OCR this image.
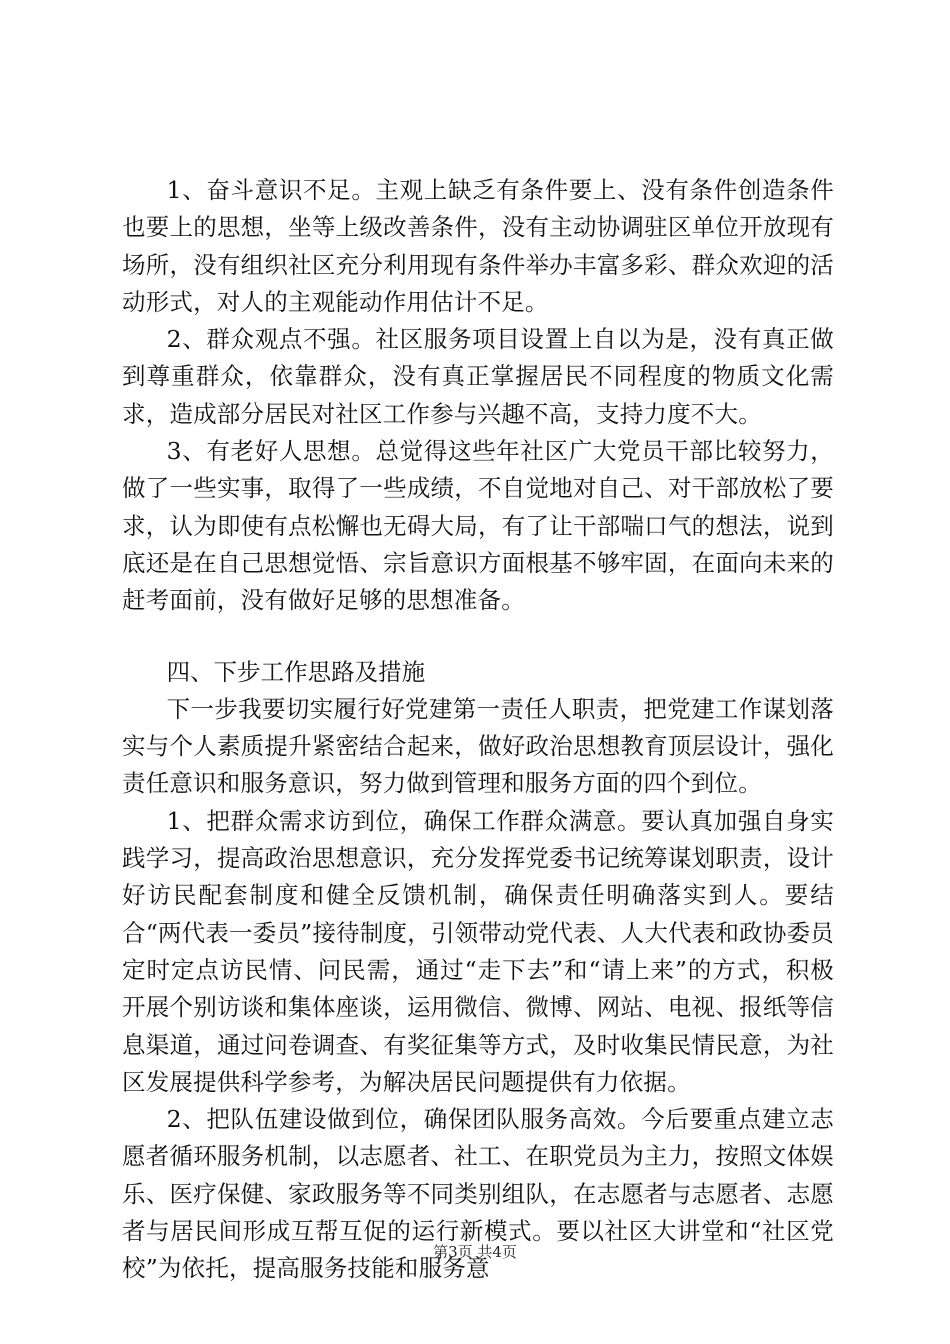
1、奋斗意识不足。主观上缺乏有条件要上、没有条件创造条件也要上的思想，坐等上级改善条件，没有主动协调驻区单位开放现有场所，没有组织社区充分利用现有条件举办丰富多彩、群众欢迎的活动形式，对人的主观能动作用估计不足。

2、群众观点不强。社区服务项目设置上自以为是，没有真正做到尊重群众，依靠群众，没有真正掌握居民不同程度的物质文化需求，造成部分居民对社区工作参与兴趣不高，支持力度不大。

3、有老好人思想。总觉得这些年社区广大党员干部比较努力，做了一些实事，取得了一些成绩，不自觉地对自己、对干部放松了要求，认为即使有点松懈也无碍大局，有了让干部喘口气的想法，说到底还是在自己思想觉悟、宗旨意识方面根基不够牢固，在面向未来的赶考面前，没有做好足够的思想准备。

四、下步工作思路及措施

下一步我要切实履行好党建第一责任人职责，把党建工作谋划落实与个人素质提升紧密结合起来，做好政治思想教育顶层设计，强化责任意识和服务意识，努力做到管理和服务方面的四个到位。

1、把群众需求访到位，确保工作群众满意。要认真加强自身实践学习，提高政治思想意识，充分发挥党委书记统筹谋划职责，设计好访民配套制度和健全反馈机制，确保责任明确落实到人。要结合“两代表一委员”接待制度，引领带动党代表、人大代表和政协委员定时定点访民情、问民需，通过“走下去”和“请上来”的方式，积极开展个别访谈和集体座谈，运用微信、微博、网站、电视、报纸等信息渠道，通过问卷调查、有奖征集等方式，及时收集民情民意，为社区发展提供科学参考，为解决居民问题提供有力依据。

2、把队伍建设做到位，确保团队服务高效。今后要重点建立志愿者循环服务机制，以志愿者、社工、在职党员为主力，按照文体娱乐、医疗保健、家政服务等不同类别组队，在志愿者与志愿者、志愿者与居民间形成互帮互促的运行新模式。要以社区大讲堂和“社区党校”为依托，提高服务技能和服务意

第3页 共4页
